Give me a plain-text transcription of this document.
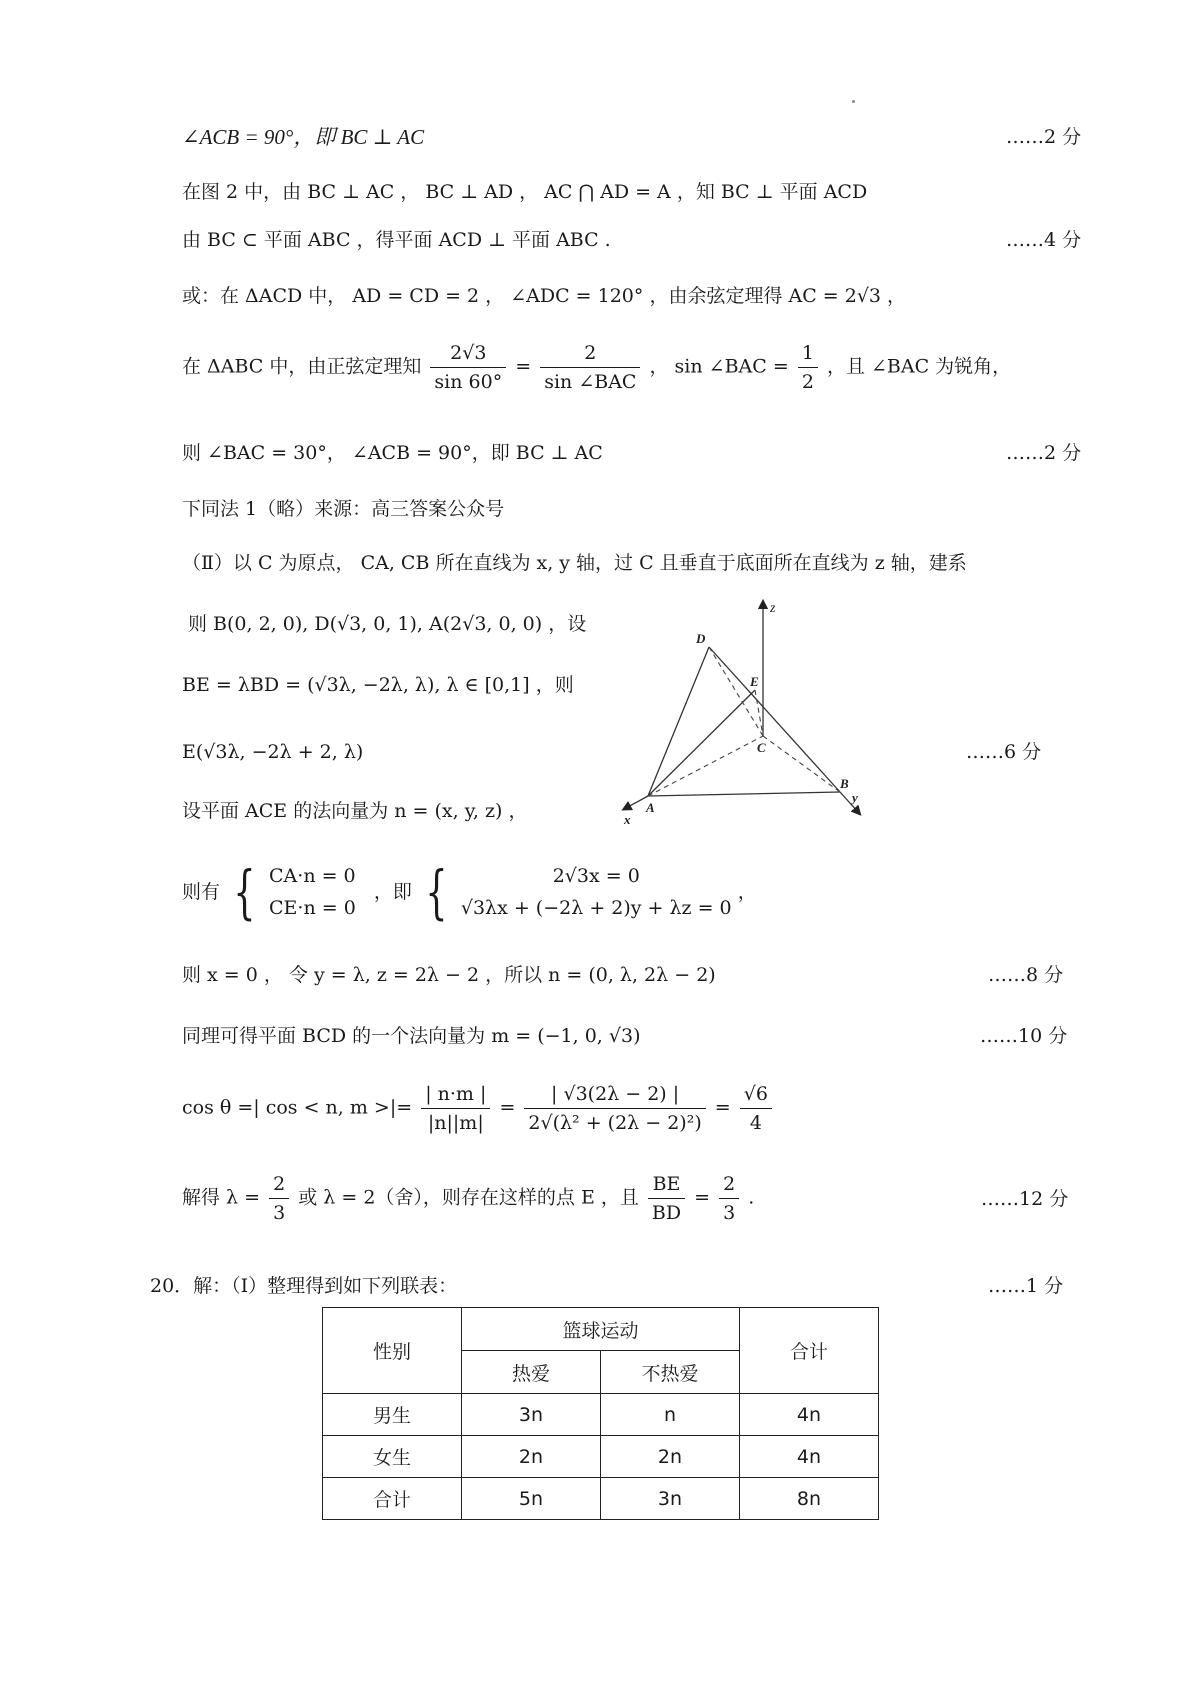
∠ACB = 90°，即 BC ⊥ AC	……2 分
在图 2 中，由 BC ⊥ AC ， BC ⊥ AD ， AC ⋂ AD = A ，知 BC ⊥ 平面 ACD
由 BC ⊂ 平面 ABC ，得平面 ACD ⊥ 平面 ABC .	……4 分
或：在 ΔACD 中， AD = CD = 2 ， ∠ADC = 120° ，由余弦定理得 AC = 2√3 ，
在 ΔABC 中，由正弦定理知 $\frac{2√3}{\sin 60^\circ} = \frac{2}{\text{sin ∠BAC}}$ ， sin ∠BAC = $\frac{1}{2}$ ，且 ∠BAC 为锐角，
则 ∠BAC = 30°， ∠ACB = 90°，即 BC ⊥ AC	……2 分
下同法 1（略）来源：高三答案公众号
（Ⅱ）以 C 为原点， CA, CB 所在直线为 x, y 轴，过 C 且垂直于底面所在直线为 z 轴，建系
则 B(0, 2, 0), D(√3, 0, 1), A(2√3, 0, 0) ，设
BE = λBD = (√3λ, −2λ, λ), λ ∈ [0,1] ，则
E(√3λ, −2λ + 2, λ)	……6 分
设平面 ACE 的法向量为 n = (x, y, z) ，
则有 { CA·n = 0
CE·n = 0
，即 {	2√3x = 0
√3λx + (−2λ + 2)y + λz = 0
，
则 x = 0 ， 令 y = λ, z = 2λ − 2 ，所以 n = (0, λ, 2λ − 2)	……8 分
同理可得平面 BCD 的一个法向量为 m = (−1, 0, √3)	……10 分
cos θ =| cos < n, m >|= $\frac{| n\cdot m |}{|n||m|} = \frac{| √3(2\lambda - 2) |}{\text{2√(λ² + (2λ − 2)²)}} = \frac{√6}{4}$
解得 $\lambda = \frac{2}{3}$ 或 λ = 2（舍），则存在这样的点 E ，且 $\frac{BE}{BD} = \frac{2}{3}$ .	……12 分
20．解：（Ⅰ）整理得到如下列联表：	……1 分
z
D
E
C
B
y
A
x
性别	篮球运动		合计
	热爱	不热爱	
男生	3n	n	4n
女生	2n	2n	4n
合计	5n	3n	8n
